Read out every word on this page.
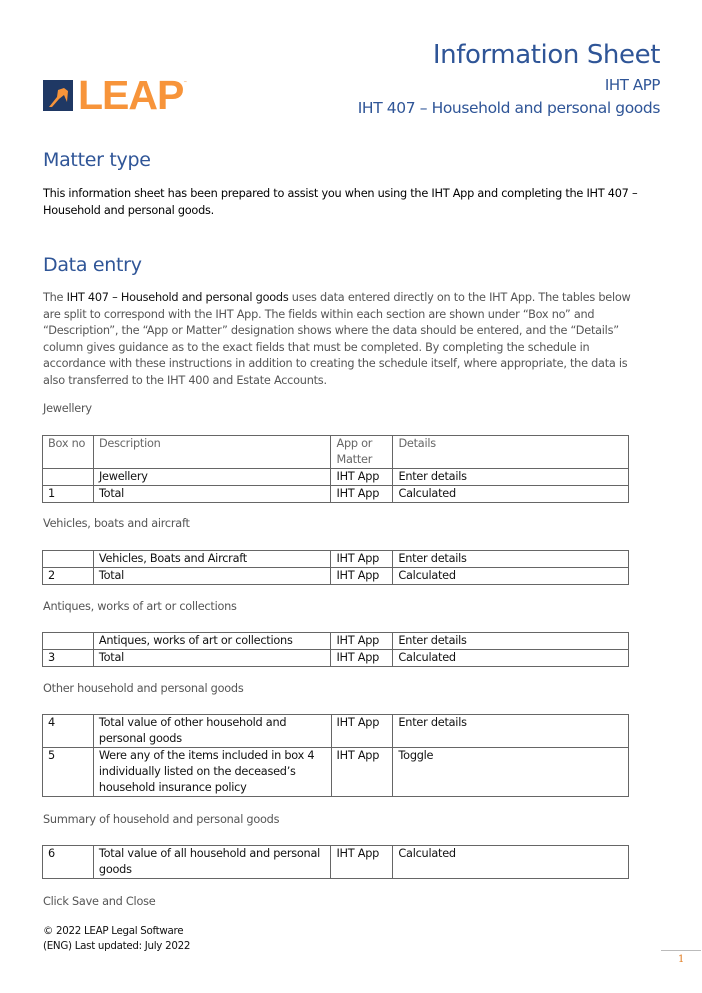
LEAP ™
Information Sheet
IHT APP
IHT 407 – Household and personal goods
Matter type
This information sheet has been prepared to assist you when using the IHT App and completing the IHT 407 – Household and personal goods.
Data entry
The IHT 407 – Household and personal goods uses data entered directly on to the IHT App. The tables below are split to correspond with the IHT App. The fields within each section are shown under “Box no” and “Description”, the “App or Matter” designation shows where the data should be entered, and the “Details” column gives guidance as to the exact fields that must be completed. By completing the schedule in accordance with these instructions in addition to creating the schedule itself, where appropriate, the data is also transferred to the IHT 400 and Estate Accounts.
Jewellery
Box no	Description	App or Matter	Details
	Jewellery	IHT App	Enter details
1	Total	IHT App	Calculated
Vehicles, boats and aircraft
	Vehicles, Boats and Aircraft	IHT App	Enter details
2	Total	IHT App	Calculated
Antiques, works of art or collections
	Antiques, works of art or collections	IHT App	Enter details
3	Total	IHT App	Calculated
Other household and personal goods
4	Total value of other household and personal goods	IHT App	Enter details
5	Were any of the items included in box 4 individually listed on the deceased’s household insurance policy	IHT App	Toggle
Summary of household and personal goods
6	Total value of all household and personal goods	IHT App	Calculated
Click Save and Close
© 2022 LEAP Legal Software
(ENG) Last updated: July 2022
1
